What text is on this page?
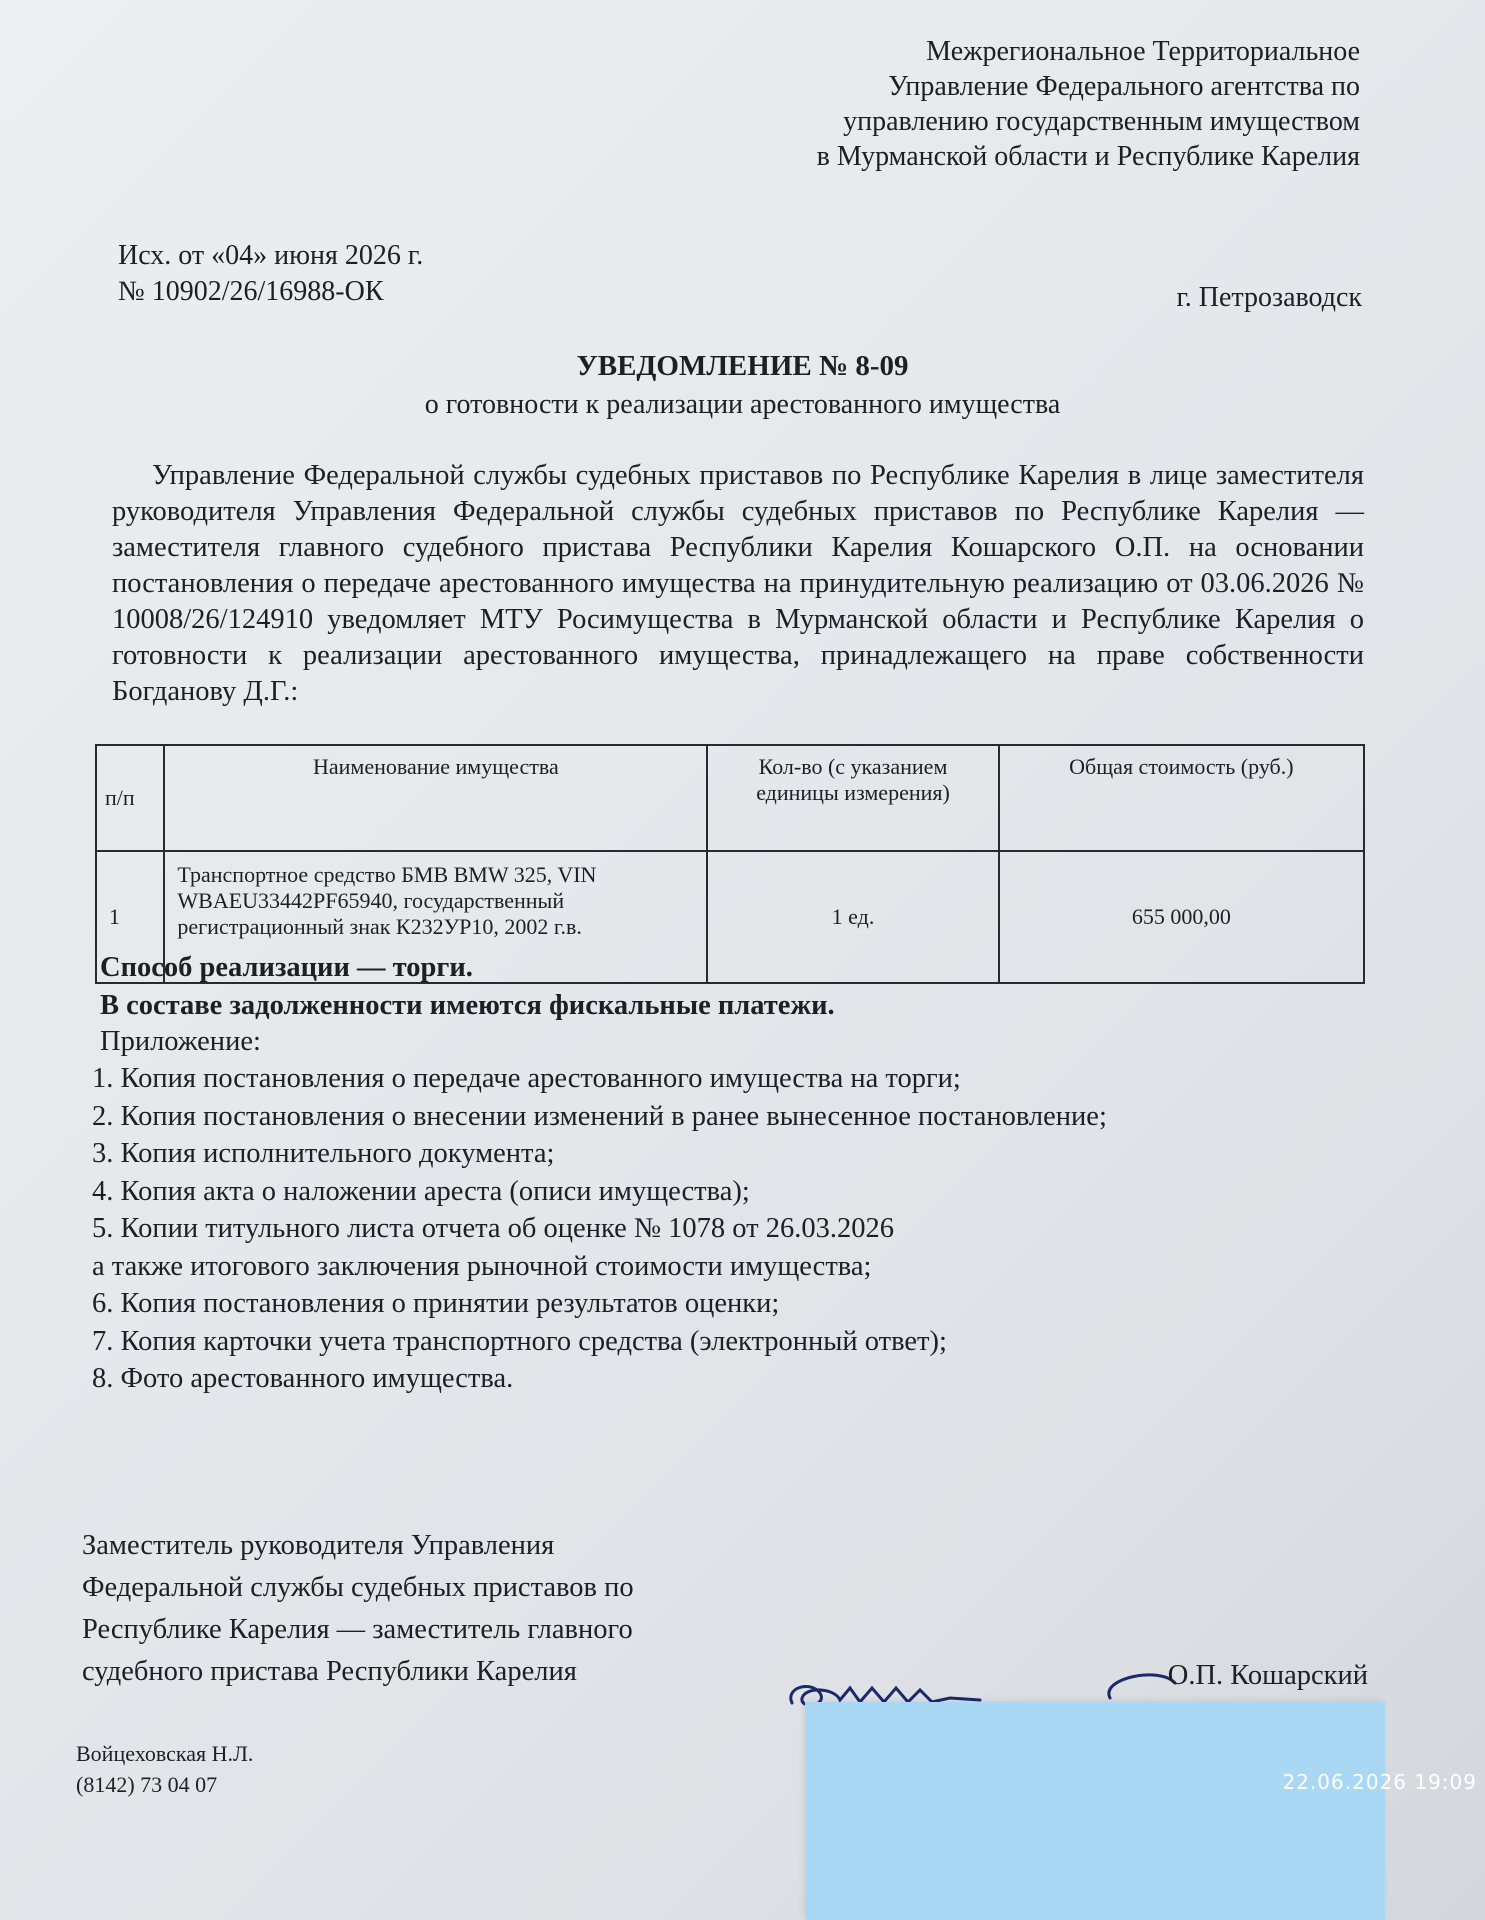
Межрегиональное Территориальное
Управление Федерального агентства по
управлению государственным имуществом
в Мурманской области и Республике Карелия
Исх. от «04» июня 2026 г.
№ 10902/26/16988-ОК	г. Петрозаводск
УВЕДОМЛЕНИЕ № 8-09
о готовности к реализации арестованного имущества
Управление Федеральной службы судебных приставов по Республике Карелия в лице заместителя руководителя Управления Федеральной службы судебных приставов по Республике Карелия — заместителя главного судебного пристава Республики Карелия Кошарского О.П. на основании постановления о передаче арестованного имущества на принудительную реализацию от 03.06.2026 № 10008/26/124910 уведомляет МТУ Росимущества в Мурманской области и Республике Карелия о готовности к реализации арестованного имущества, принадлежащего на праве собственности Богданову Д.Г.:
п/п	Наименование имущества	Кол-во (с указанием единицы измерения)	Общая стоимость (руб.)
1	Транспортное средство БМВ BMW 325, VIN WBAEU33442PF65940, государственный регистрационный знак К232УР10, 2002 г.в.	1 ед.	655 000,00
Способ реализации — торги.
В составе задолженности имеются фискальные платежи.
Приложение:
1. Копия постановления о передаче арестованного имущества на торги;
2. Копия постановления о внесении изменений в ранее вынесенное постановление;
3. Копия исполнительного документа;
4. Копия акта о наложении ареста (описи имущества);
5. Копии титульного листа отчета об оценке № 1078 от 26.03.2026
а также итогового заключения рыночной стоимости имущества;
6. Копия постановления о принятии результатов оценки;
7. Копия карточки учета транспортного средства (электронный ответ);
8. Фото арестованного имущества.
Заместитель руководителя Управления
Федеральной службы судебных приставов по
Республике Карелия — заместитель главного
судебного пристава Республики Карелия	О.П. Кошарский
Войцеховская Н.Л.
(8142) 73 04 07	22.06.2026 19:09
